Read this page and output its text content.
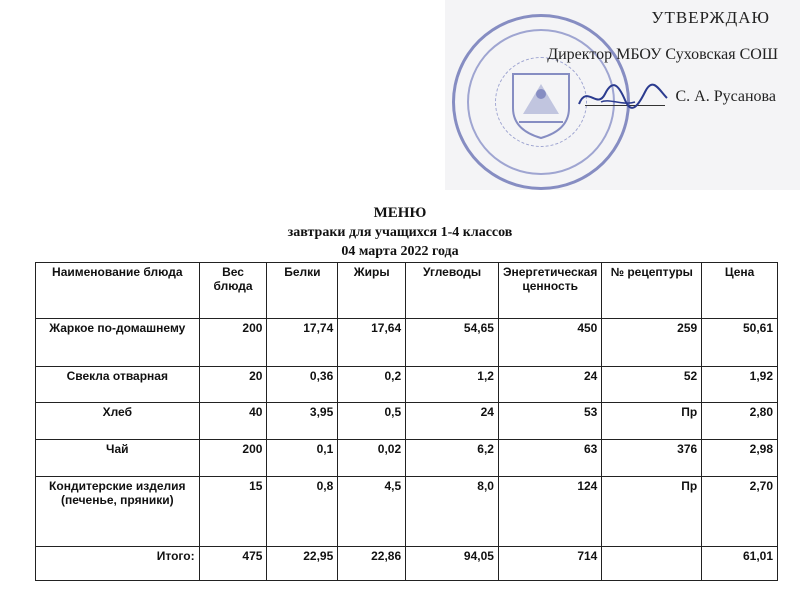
УТВЕРЖДАЮ
Директор МБОУ Суховская СОШ
С. А. Русанова
МЕНЮ
завтраки для учащихся 1-4 классов
04 марта 2022 года
Наименование блюда	Вес блюда	Белки	Жиры	Углеводы	Энергетическая ценность	№ рецептуры	Цена
Жаркое по-домашнему	200	17,74	17,64	54,65	450	259	50,61
Свекла отварная	20	0,36	0,2	1,2	24	52	1,92
Хлеб	40	3,95	0,5	24	53	Пр	2,80
Чай	200	0,1	0,02	6,2	63	376	2,98
Кондитерские изделия (печенье, пряники)	15	0,8	4,5	8,0	124	Пр	2,70
Итого:	475	22,95	22,86	94,05	714		61,01
